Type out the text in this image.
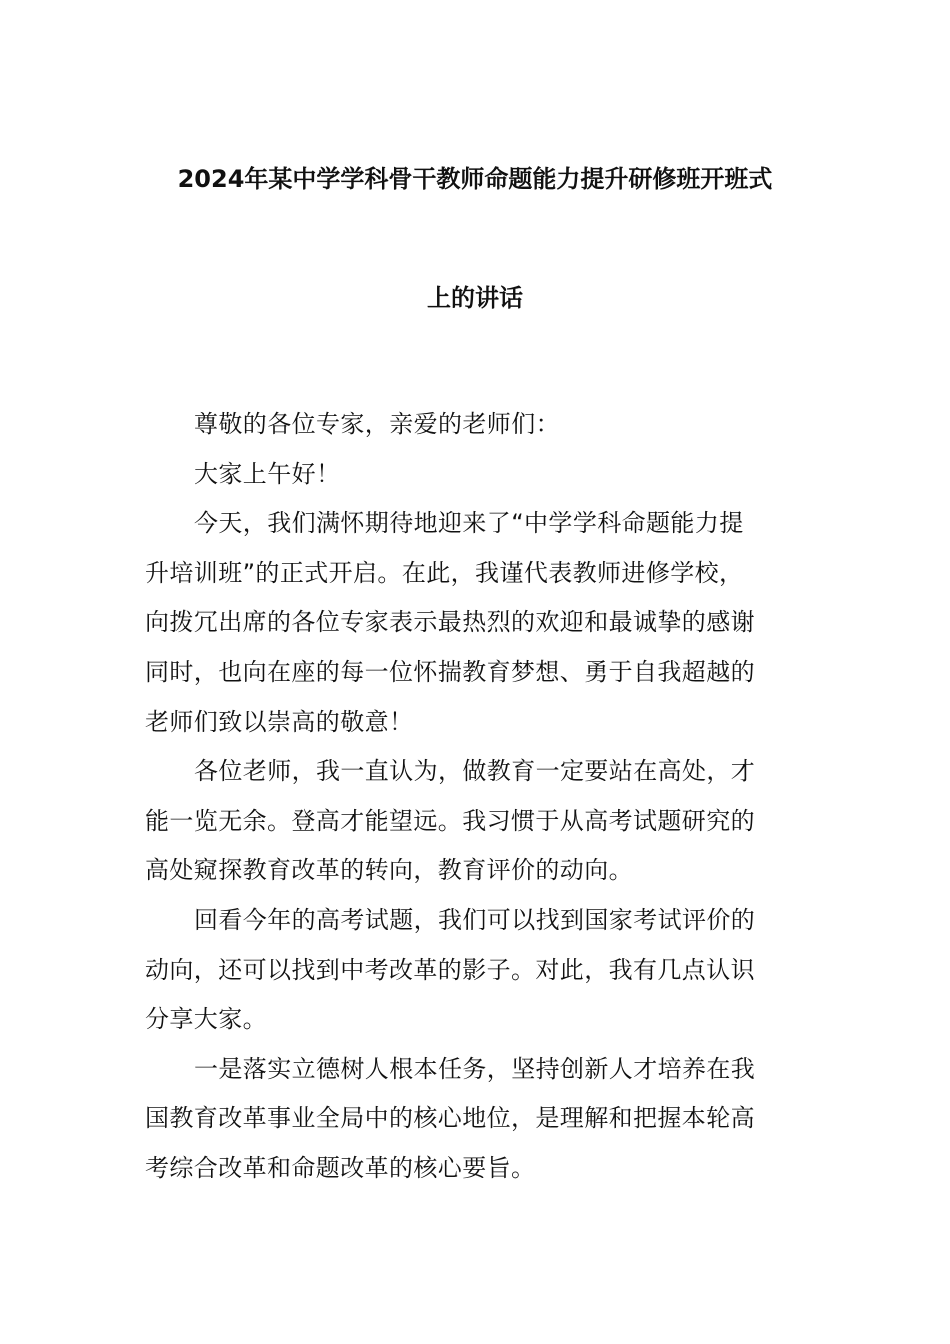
2024年某中学学科骨干教师命题能力提升研修班开班式
上的讲话

尊敬的各位专家，亲爱的老师们：

大家上午好！

今天，我们满怀期待地迎来了“中学学科命题能力提
升培训班”的正式开启。在此，我谨代表教师进修学校，
向拨冗出席的各位专家表示最热烈的欢迎和最诚挚的感谢
同时，也向在座的每一位怀揣教育梦想、勇于自我超越的
老师们致以崇高的敬意！

各位老师，我一直认为，做教育一定要站在高处，才
能一览无余。登高才能望远。我习惯于从高考试题研究的
高处窥探教育改革的转向，教育评价的动向。

回看今年的高考试题，我们可以找到国家考试评价的
动向，还可以找到中考改革的影子。对此，我有几点认识
分享大家。

一是落实立德树人根本任务，坚持创新人才培养在我
国教育改革事业全局中的核心地位，是理解和把握本轮高
考综合改革和命题改革的核心要旨。
